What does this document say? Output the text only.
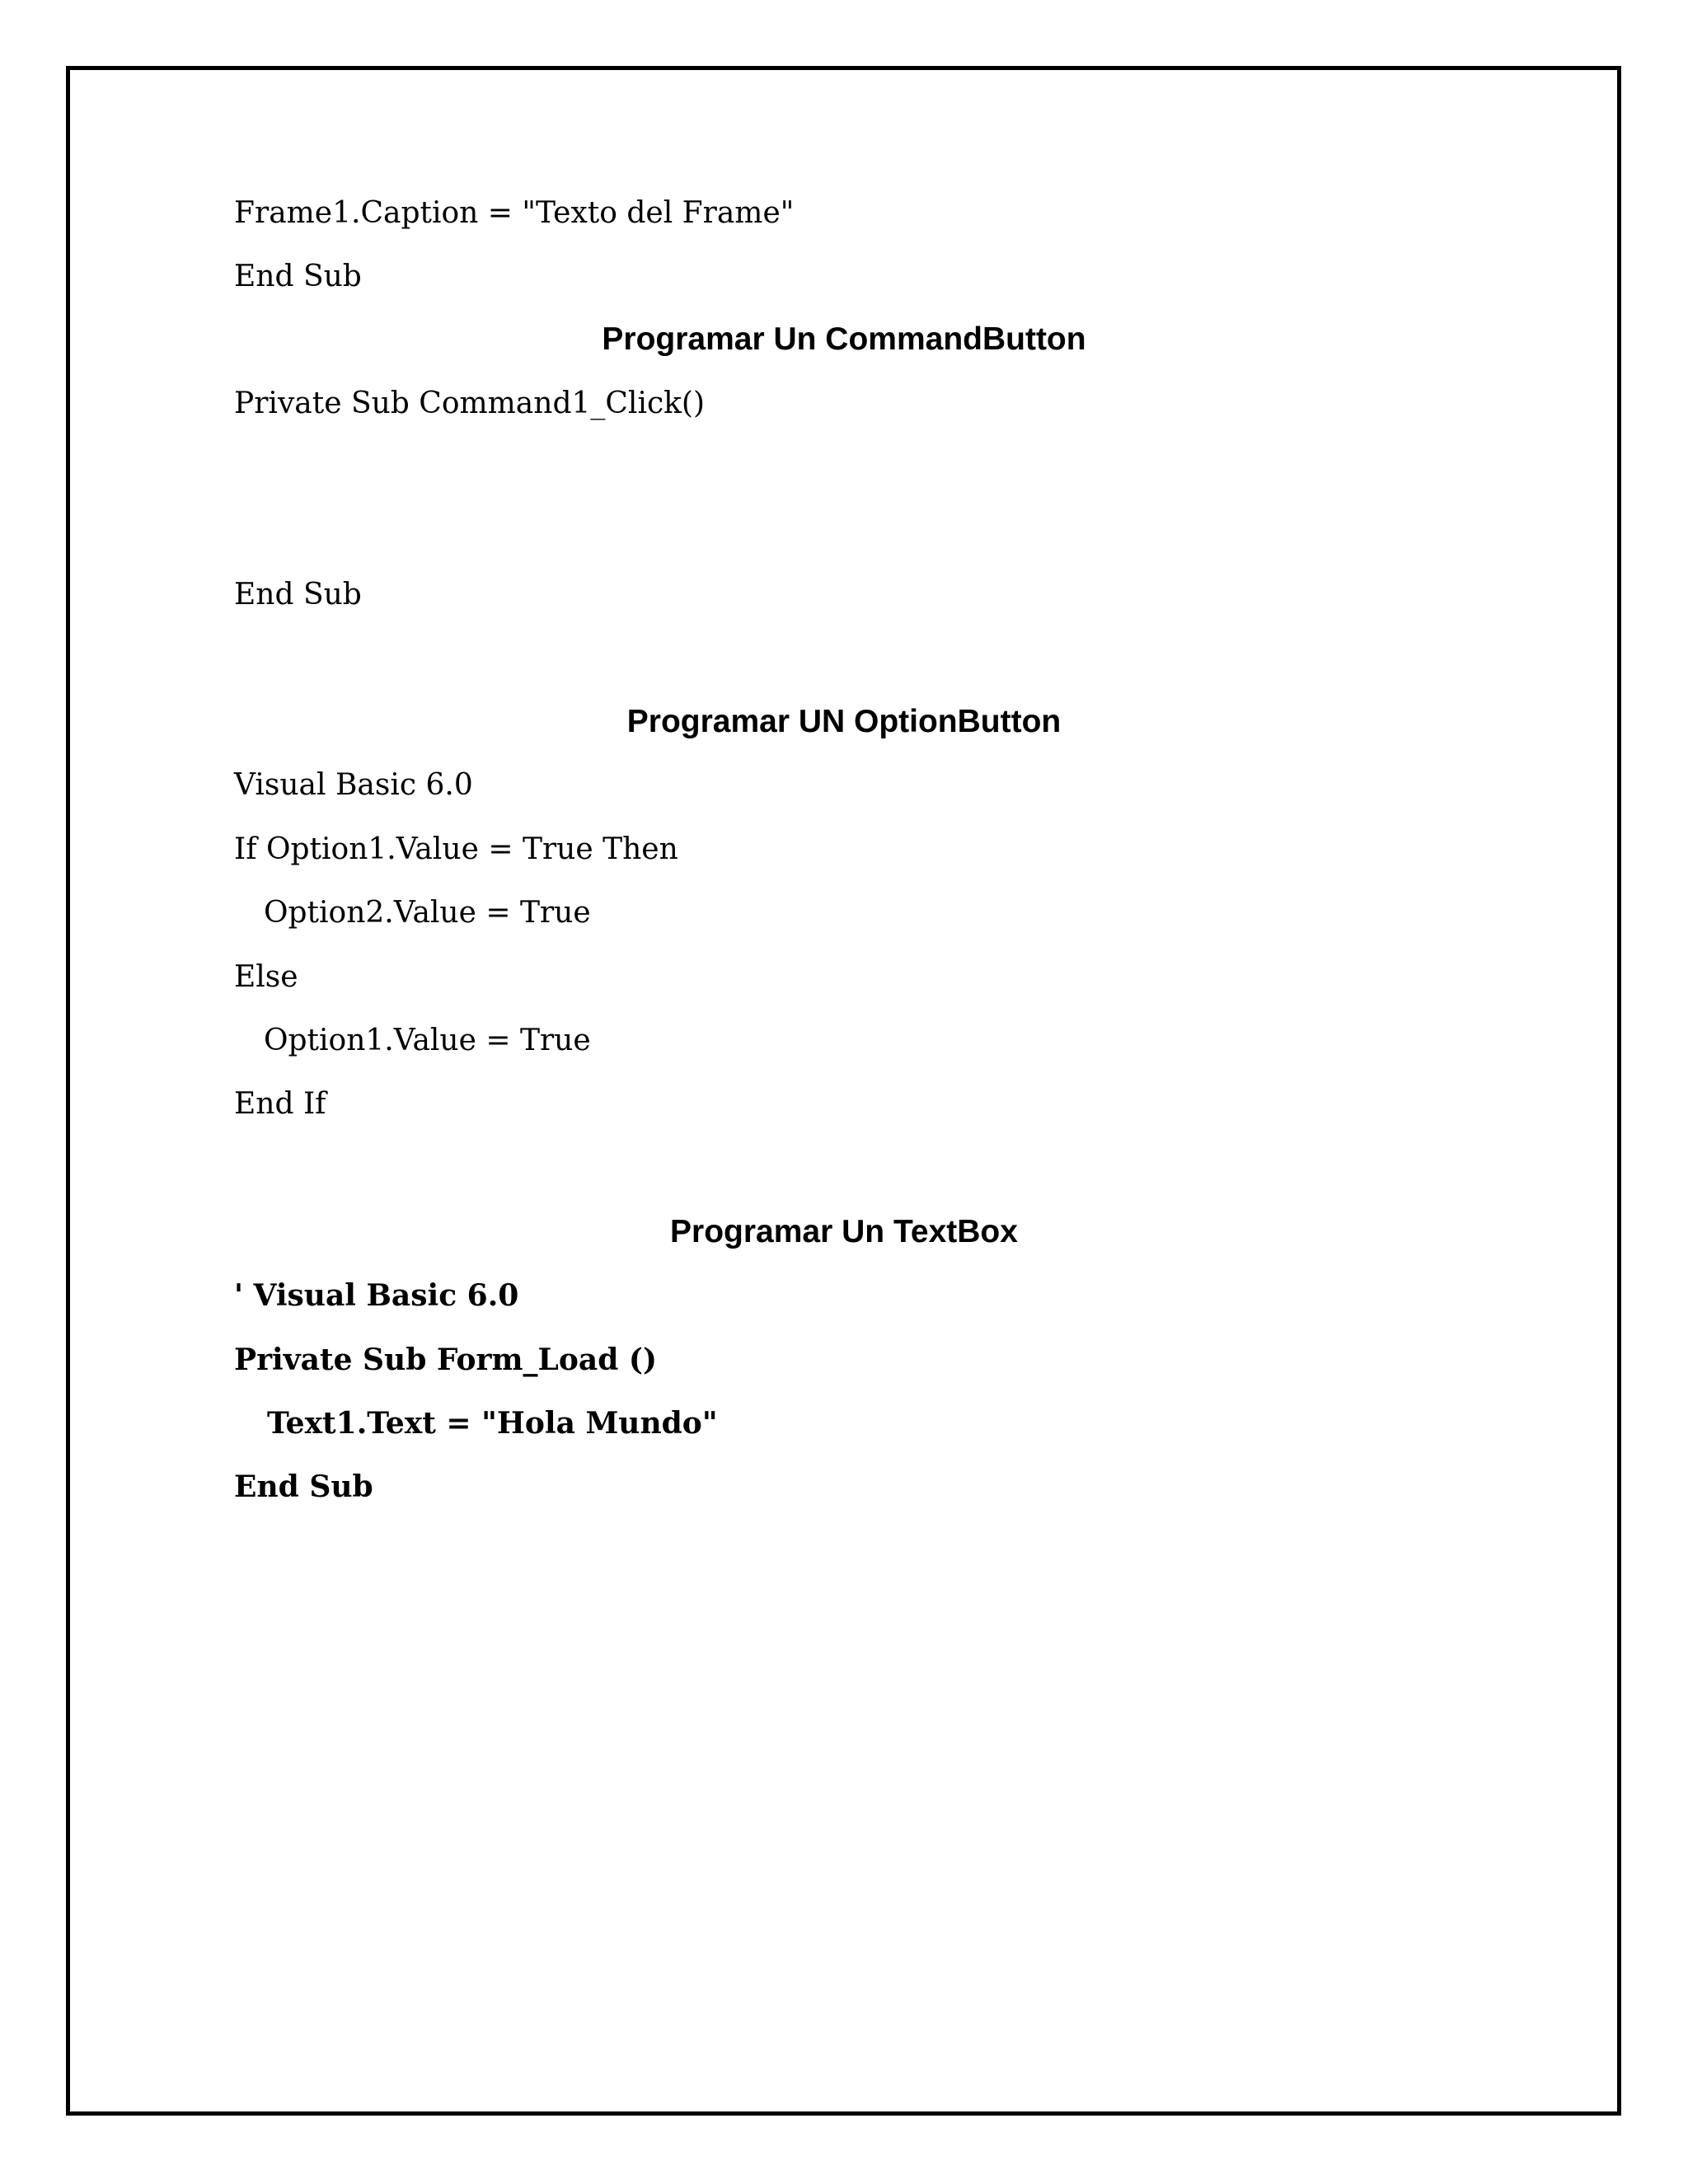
Frame1.Caption = "Texto del Frame"
End Sub
Programar Un CommandButton
Private Sub Command1_Click()
End Sub
Programar UN OptionButton
Visual Basic 6.0
If Option1.Value = True Then
Option2.Value = True
Else
Option1.Value = True
End If
Programar Un TextBox
' Visual Basic 6.0
Private Sub Form_Load ()
Text1.Text = "Hola Mundo"
End Sub
